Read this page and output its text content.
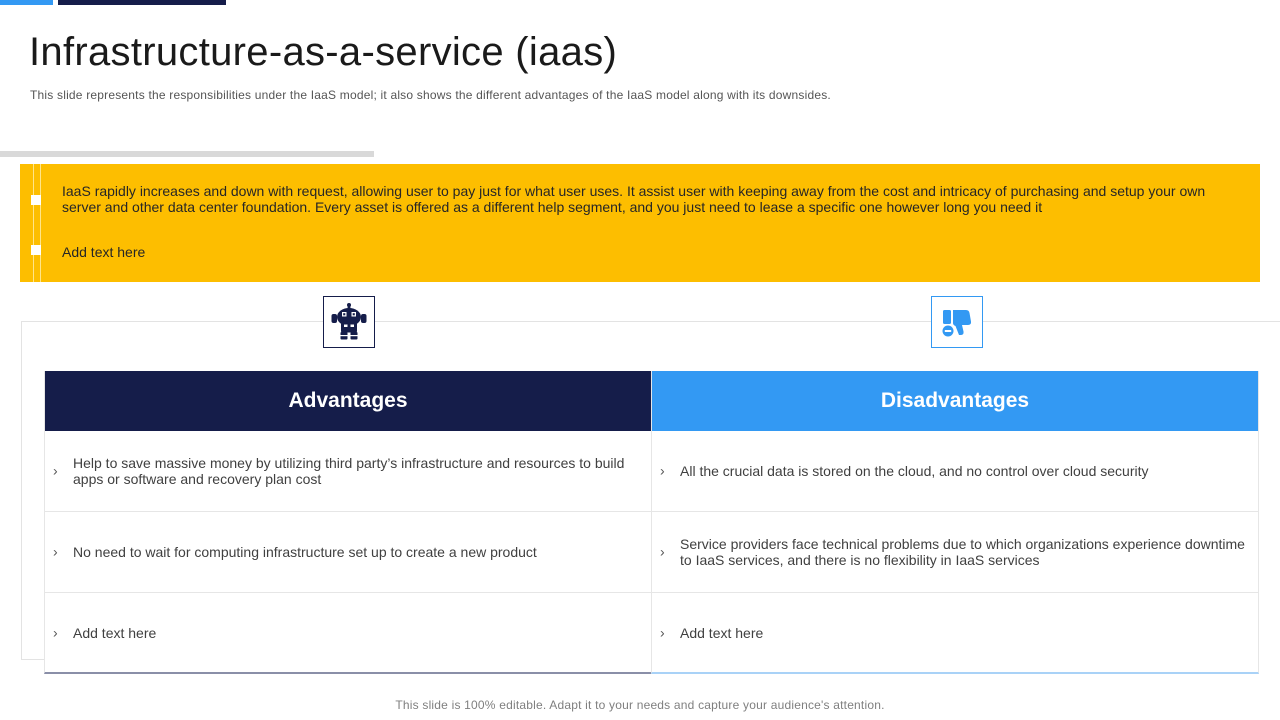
Infrastructure-as-a-service (iaas)

This slide represents the responsibilities under the IaaS model; it also shows the different advantages of the IaaS model along with its downsides.

IaaS rapidly increases and down with request, allowing user to pay just for what user uses. It assist user with keeping away from the cost and intricacy of purchasing and setup your own server and other data center foundation. Every asset is offered as a different help segment, and you just need to lease a specific one however long you need it

Add text here

Advantages
› Help to save massive money by utilizing third party’s infrastructure and resources to build apps or software and recovery plan cost

› No need to wait for computing infrastructure set up to create a new product

› Add text here

Disadvantages
› All the crucial data is stored on the cloud, and no control over cloud security

› Service providers face technical problems due to which organizations experience downtime to IaaS services, and there is no flexibility in IaaS services

› Add text here

This slide is 100% editable. Adapt it to your needs and capture your audience's attention.
